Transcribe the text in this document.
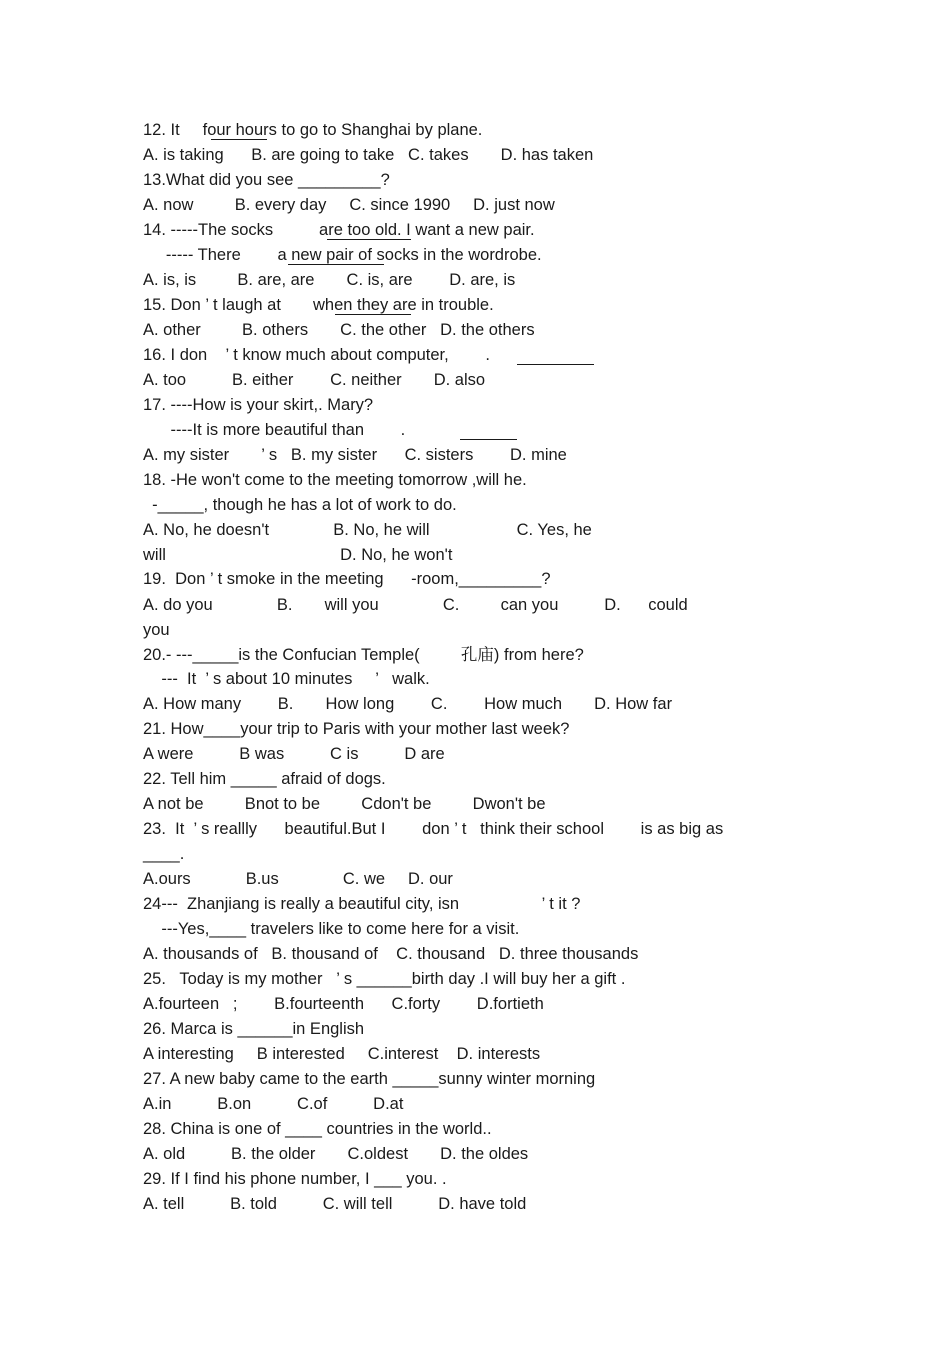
12. It     four hours to go to Shanghai by plane.
A. is taking      B. are going to take   C. takes       D. has taken
13.What did you see _________?
A. now         B. every day     C. since 1990     D. just now
14. -----The socks          are too old. I want a new pair.
----- There        a new pair of socks in the wordrobe.
A. is, is         B. are, are       C. is, are        D. are, is
15. Don ’ t laugh at       when they are in trouble.
A. other         B. others       C. the other   D. the others
16. I don    ’ t know much about computer,        .
A. too          B. either        C. neither       D. also
17. ----How is your skirt,. Mary?
----It is more beautiful than        .
A. my sister       ’ s   B. my sister      C. sisters        D. mine
18. -He won't come to the meeting tomorrow ,will he.
-_____, though he has a lot of work to do.
A. No, he doesn't              B. No, he will                   C. Yes, he
will                                      D. No, he won't
19.  Don ’ t smoke in the meeting      -room,_________?
A. do you              B.       will you              C.         can you          D.      could
you
20.- ---_____is the Confucian Temple(         孔庙) from here?
---  It  ’ s about 10 minutes     ’   walk.
A. How many        B.       How long        C.        How much       D. How far
21. How____your trip to Paris with your mother last week?
A were          B was          C is          D are
22. Tell him _____ afraid of dogs.
A not be         Bnot to be         Cdon't be         Dwon't be
23.  It  ’ s reallly      beautiful.But I        don ’ t   think their school        is as big as
____.
A.ours            B.us              C. we     D. our
24---  Zhanjiang is really a beautiful city, isn                  ’ t it ?
---Yes,____ travelers like to come here for a visit.
A. thousands of   B. thousand of    C. thousand   D. three thousands
25.   Today is my mother   ’ s ______birth day .I will buy her a gift .
A.fourteen   ;        B.fourteenth      C.forty        D.fortieth
26. Marca is ______in English
A interesting     B interested     C.interest    D. interests
27. A new baby came to the earth _____sunny winter morning
A.in          B.on          C.of          D.at
28. China is one of ____ countries in the world..
A. old          B. the older       C.oldest       D. the oldes
29. If I find his phone number, I ___ you. .
A. tell          B. told          C. will tell          D. have told
